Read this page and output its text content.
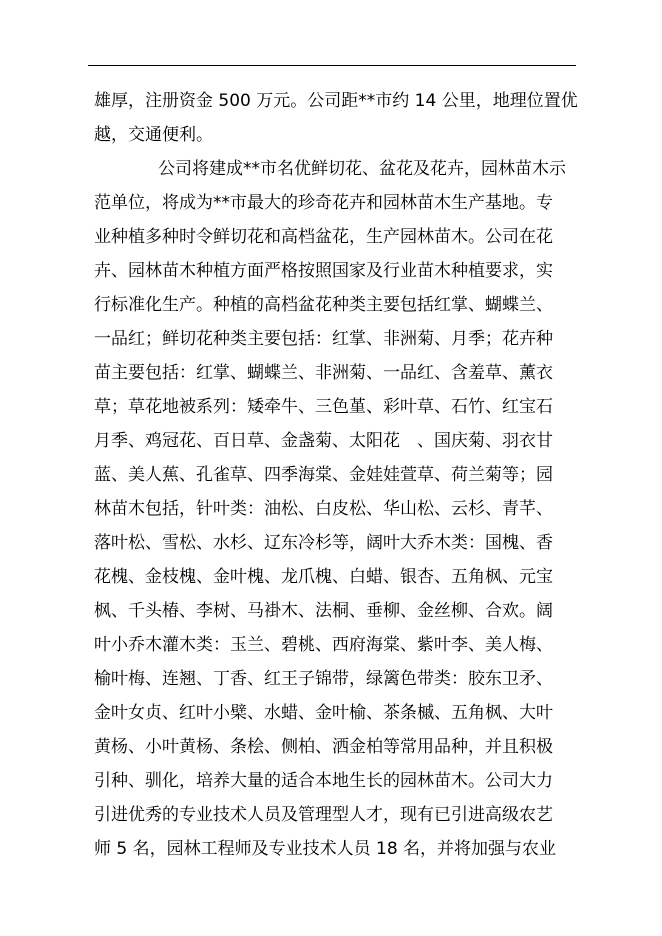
雄厚，注册资金 500 万元。公司距**市约 14 公里，地理位置优
越，交通便利。
公司将建成**市名优鲜切花、盆花及花卉，园林苗木示
范单位，将成为**市最大的珍奇花卉和园林苗木生产基地。专
业种植多种时令鲜切花和高档盆花，生产园林苗木。公司在花
卉、园林苗木种植方面严格按照国家及行业苗木种植要求，实
行标准化生产。种植的高档盆花种类主要包括红掌、蝴蝶兰、
一品红；鲜切花种类主要包括：红掌、非洲菊、月季；花卉种
苗主要包括：红掌、蝴蝶兰、非洲菊、一品红、含羞草、薰衣
草；草花地被系列：矮牵牛、三色堇、彩叶草、石竹、红宝石
月季、鸡冠花、百日草、金盏菊、太阳花　、国庆菊、羽衣甘
蓝、美人蕉、孔雀草、四季海棠、金娃娃萱草、荷兰菊等；园
林苗木包括，针叶类：油松、白皮松、华山松、云杉、青芊、
落叶松、雪松、水杉、辽东冷杉等，阔叶大乔木类：国槐、香
花槐、金枝槐、金叶槐、龙爪槐、白蜡、银杏、五角枫、元宝
枫、千头椿、李树、马褂木、法桐、垂柳、金丝柳、合欢。阔
叶小乔木灌木类：玉兰、碧桃、西府海棠、紫叶李、美人梅、
榆叶梅、连翘、丁香、红王子锦带，绿篱色带类：胶东卫矛、
金叶女贞、红叶小檗、水蜡、金叶榆、茶条槭、五角枫、大叶
黄杨、小叶黄杨、条桧、侧柏、洒金柏等常用品种，并且积极
引种、驯化，培养大量的适合本地生长的园林苗木。公司大力
引进优秀的专业技术人员及管理型人才，现有已引进高级农艺
师 5 名，园林工程师及专业技术人员 18 名，并将加强与农业
